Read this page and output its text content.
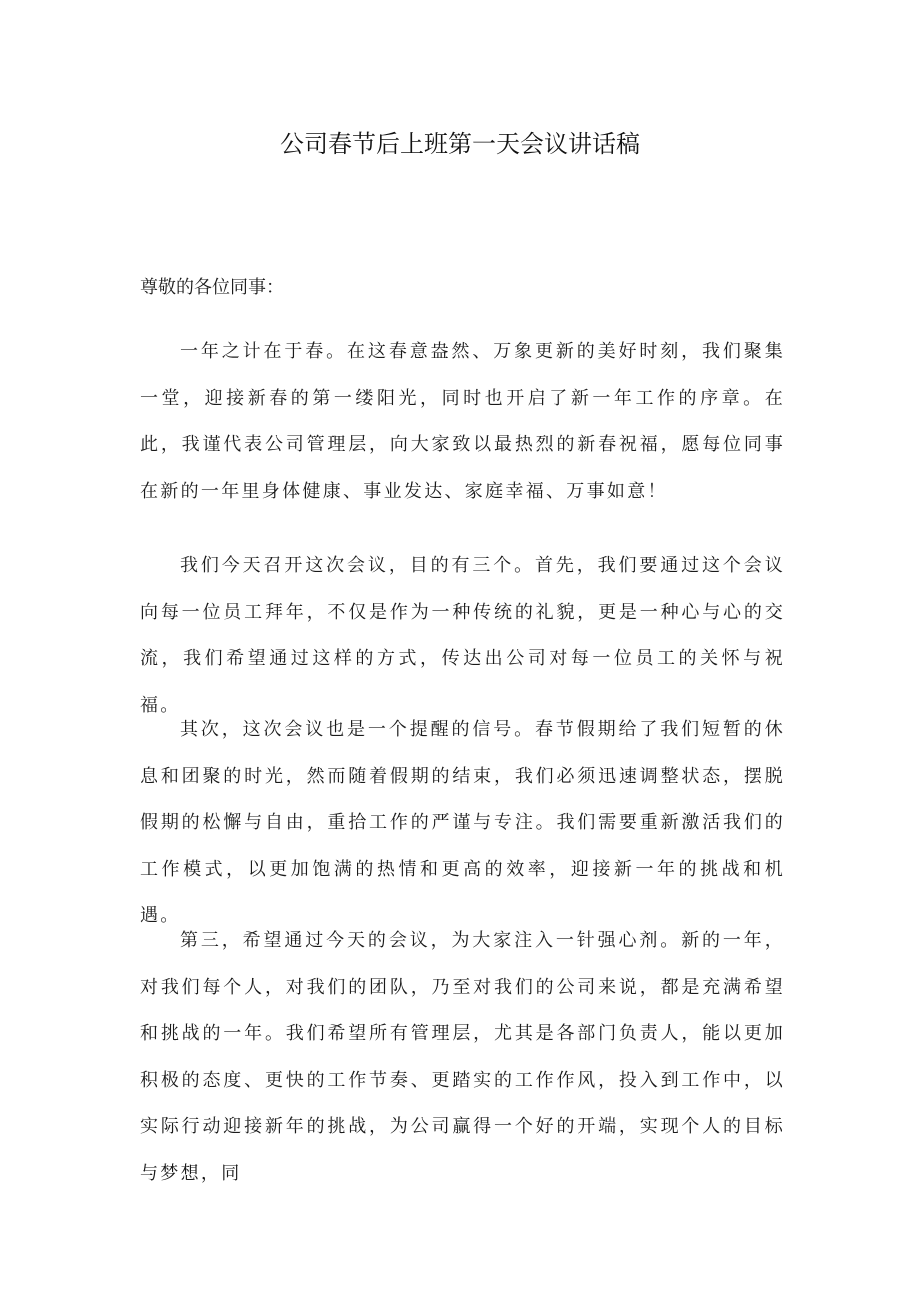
公司春节后上班第一天会议讲话稿

尊敬的各位同事：

一年之计在于春。在这春意盎然、万象更新的美好时刻，我们聚集一堂，迎接新春的第一缕阳光，同时也开启了新一年工作的序章。在此，我谨代表公司管理层，向大家致以最热烈的新春祝福，愿每位同事在新的一年里身体健康、事业发达、家庭幸福、万事如意！

我们今天召开这次会议，目的有三个。首先，我们要通过这个会议向每一位员工拜年，不仅是作为一种传统的礼貌，更是一种心与心的交流，我们希望通过这样的方式，传达出公司对每一位员工的关怀与祝福。

其次，这次会议也是一个提醒的信号。春节假期给了我们短暂的休息和团聚的时光，然而随着假期的结束，我们必须迅速调整状态，摆脱假期的松懈与自由，重拾工作的严谨与专注。我们需要重新激活我们的工作模式，以更加饱满的热情和更高的效率，迎接新一年的挑战和机遇。

第三，希望通过今天的会议，为大家注入一针强心剂。新的一年，对我们每个人，对我们的团队，乃至对我们的公司来说，都是充满希望和挑战的一年。我们希望所有管理层，尤其是各部门负责人，能以更加积极的态度、更快的工作节奏、更踏实的工作作风，投入到工作中，以实际行动迎接新年的挑战，为公司赢得一个好的开端，实现个人的目标与梦想，同
